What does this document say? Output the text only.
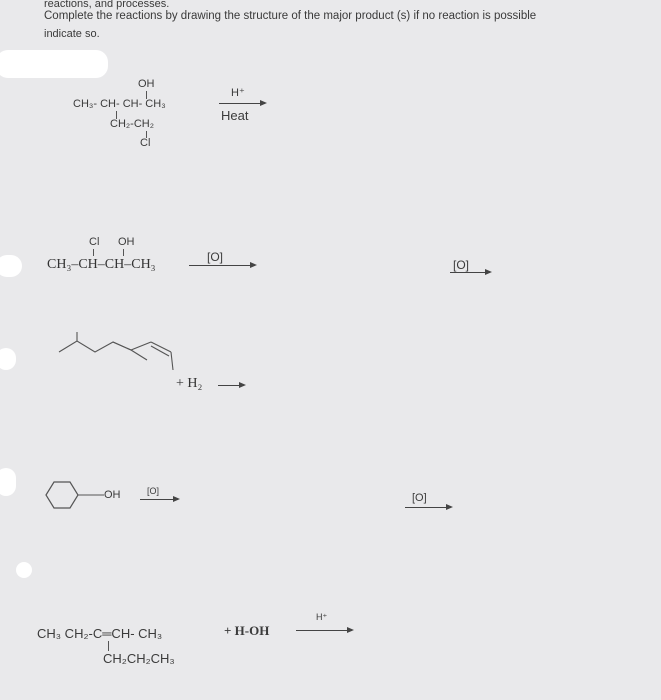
reactions, and processes.
Complete the reactions by drawing the structure of the major product (s) if no reaction is possible
indicate so.
OH
CH₃- CH- CH- CH₃
CH₂-CH₂
Cl
H⁺
Heat
Cl OH
CH₃–CH–CH–CH₃	[O]
[O]
+ H₂
OH	[O]
[O]
CH₃ CH₂-C═CH- CH₃	+ H-OH
H⁺
CH₂CH₂CH₃
